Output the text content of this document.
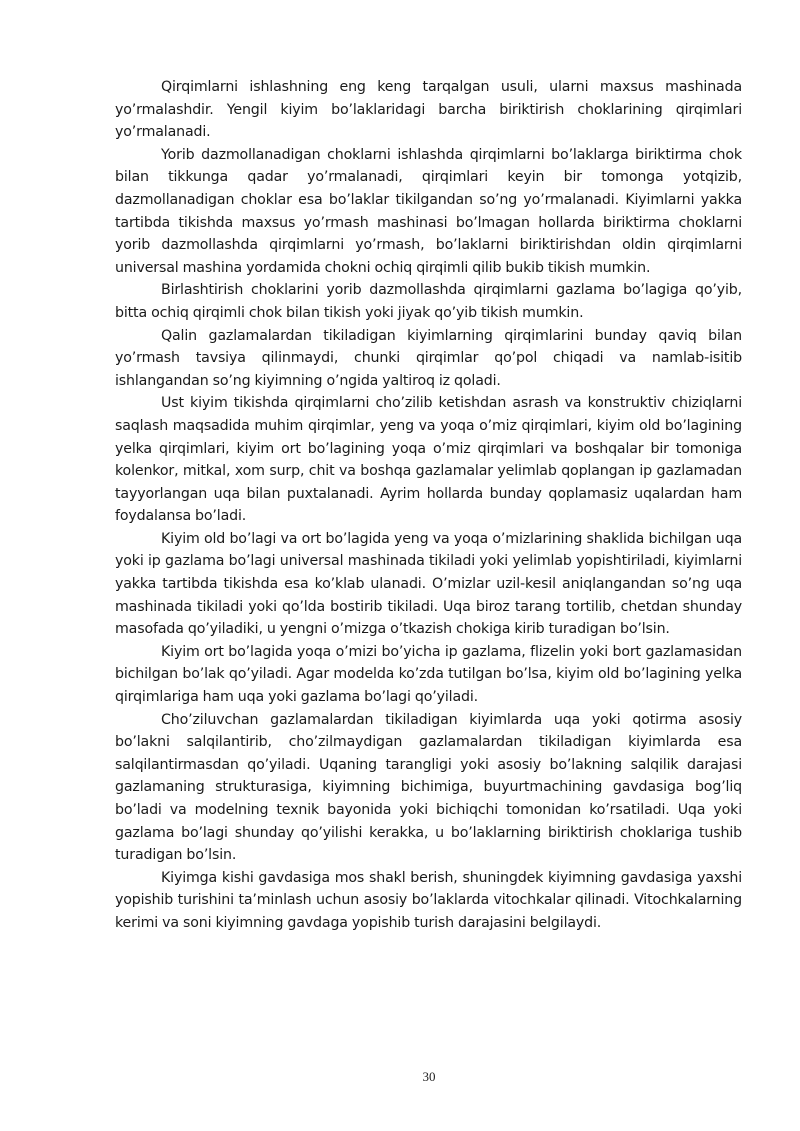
Qirqimlarni ishlashning eng keng tarqalgan usuli, ularni maxsus mashinada yo’rmalashdir. Yengil kiyim bo’laklaridagi barcha biriktirish choklarining qirqimlari yo’rmalanadi.

Yorib dazmollanadigan choklarni ishlashda qirqimlarni bo’laklarga biriktirma chok bilan tikkunga qadar yo’rmalanadi, qirqimlari keyin bir tomonga yotqizib, dazmollanadigan choklar esa bo’laklar tikilgandan so’ng yo’rmalanadi. Kiyimlarni yakka tartibda tikishda maxsus yo’rmash mashinasi bo’lmagan hollarda biriktirma choklarni yorib dazmollashda qirqimlarni yo’rmash, bo’laklarni biriktirishdan oldin qirqimlarni universal mashina yordamida chokni ochiq qirqimli qilib bukib tikish mumkin.

Birlashtirish choklarini yorib dazmollashda qirqimlarni gazlama bo’lagiga qo’yib, bitta ochiq qirqimli chok bilan tikish yoki jiyak qo’yib tikish mumkin.

Qalin gazlamalardan tikiladigan kiyimlarning qirqimlarini bunday qaviq bilan yo’rmash tavsiya qilinmaydi, chunki qirqimlar qo’pol chiqadi va namlab-isitib ishlangandan so’ng kiyimning o’ngida yaltiroq iz qoladi.

Ust kiyim tikishda qirqimlarni cho’zilib ketishdan asrash va konstruktiv chiziqlarni saqlash maqsadida muhim qirqimlar, yeng va yoqa o’miz qirqimlari, kiyim old bo’lagining yelka qirqimlari, kiyim ort bo’lagining yoqa o’miz qirqimlari va boshqalar bir tomoniga kolenkor, mitkal, xom surp, chit va boshqa gazlamalar yelimlab qoplangan ip gazlamadan tayyorlangan uqa bilan puxtalanadi. Ayrim hollarda bunday qoplamasiz uqalardan ham foydalansa bo’ladi.

Kiyim old bo’lagi va ort bo’lagida yeng va yoqa o’mizlarining shaklida bichilgan uqa yoki ip gazlama bo’lagi universal mashinada tikiladi yoki yelimlab yopishtiriladi, kiyimlarni yakka tartibda tikishda esa ko’klab ulanadi. O’mizlar uzil-kesil aniqlangandan so’ng uqa mashinada tikiladi yoki qo’lda bostirib tikiladi. Uqa biroz tarang tortilib, chetdan shunday masofada qo’yiladiki, u yengni o’mizga o’tkazish chokiga kirib turadigan bo’lsin.

Kiyim ort bo’lagida yoqa o’mizi bo’yicha ip gazlama, flizelin yoki bort gazlamasidan bichilgan bo’lak qo’yiladi. Agar modelda ko’zda tutilgan bo’lsa, kiyim old bo’lagining yelka qirqimlariga ham uqa yoki gazlama bo’lagi qo’yiladi.

Cho’ziluvchan gazlamalardan tikiladigan kiyimlarda uqa yoki qotirma asosiy bo’lakni salqilantirib, cho’zilmaydigan gazlamalardan tikiladigan kiyimlarda esa salqilantirmasdan qo’yiladi. Uqaning tarangligi yoki asosiy bo’lakning salqilik darajasi gazlamaning strukturasiga, kiyimning bichimiga, buyurtmachining gavdasiga bog’liq bo’ladi va modelning texnik bayonida yoki bichiqchi tomonidan ko’rsatiladi. Uqa yoki gazlama bo’lagi shunday qo’yilishi kerakka, u bo’laklarning biriktirish choklariga tushib turadigan bo’lsin.

Kiyimga kishi gavdasiga mos shakl berish, shuningdek kiyimning gavdasiga yaxshi yopishib turishini ta’minlash uchun asosiy bo’laklarda vitochkalar qilinadi. Vitochkalarning kerimi va soni kiyimning gavdaga yopishib turish darajasini belgilaydi.

30
